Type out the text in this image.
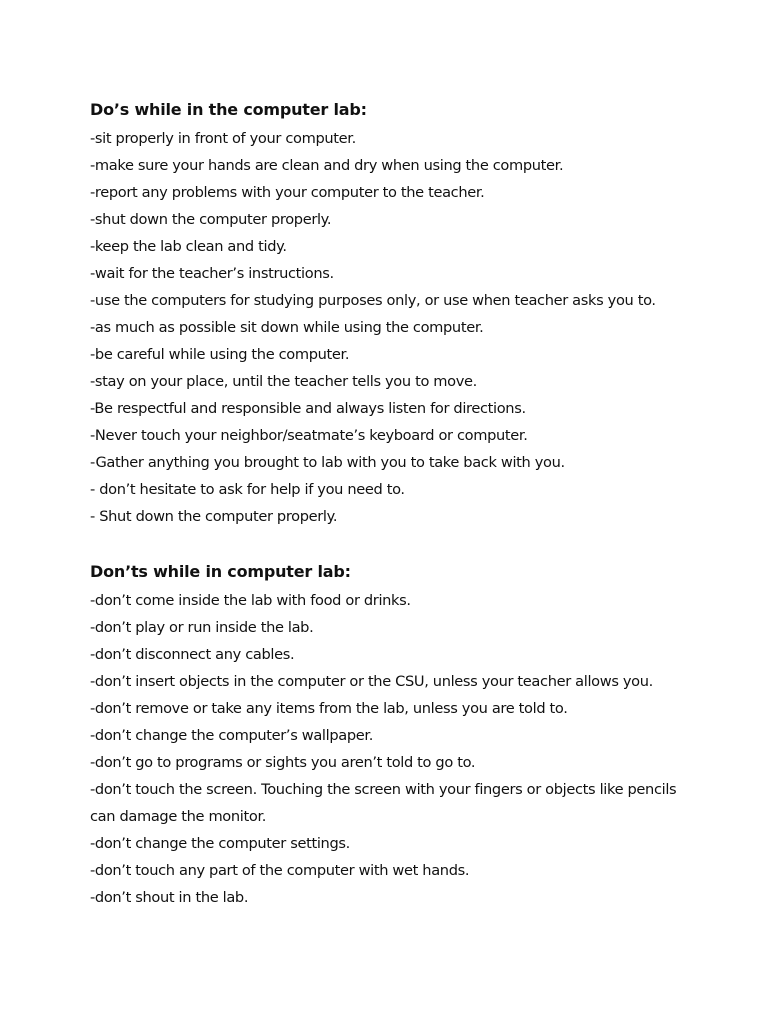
Do’s while in the computer lab:
-sit properly in front of your computer.
-make sure your hands are clean and dry when using the computer.
-report any problems with your computer to the teacher.
-shut down the computer properly.
-keep the lab clean and tidy.
-wait for the teacher’s instructions.
-use the computers for studying purposes only, or use when teacher asks you to.
-as much as possible sit down while using the computer.
-be careful while using the computer.
-stay on your place, until the teacher tells you to move.
-Be respectful and responsible and always listen for directions.
-Never touch your neighbor/seatmate’s keyboard or computer.
-Gather anything you brought to lab with you to take back with you.
- don’t hesitate to ask for help if you need to.
- Shut down the computer properly.
Don’ts while in computer lab:
-don’t come inside the lab with food or drinks.
-don’t play or run inside the lab.
-don’t disconnect any cables.
-don’t insert objects in the computer or the CSU, unless your teacher allows you.
-don’t remove or take any items from the lab, unless you are told to.
-don’t change the computer’s wallpaper.
-don’t go to programs or sights you aren’t told to go to.
-don’t touch the screen. Touching the screen with your fingers or objects like pencils can damage the monitor.
-don’t change the computer settings.
-don’t touch any part of the computer with wet hands.
-don’t shout in the lab.
